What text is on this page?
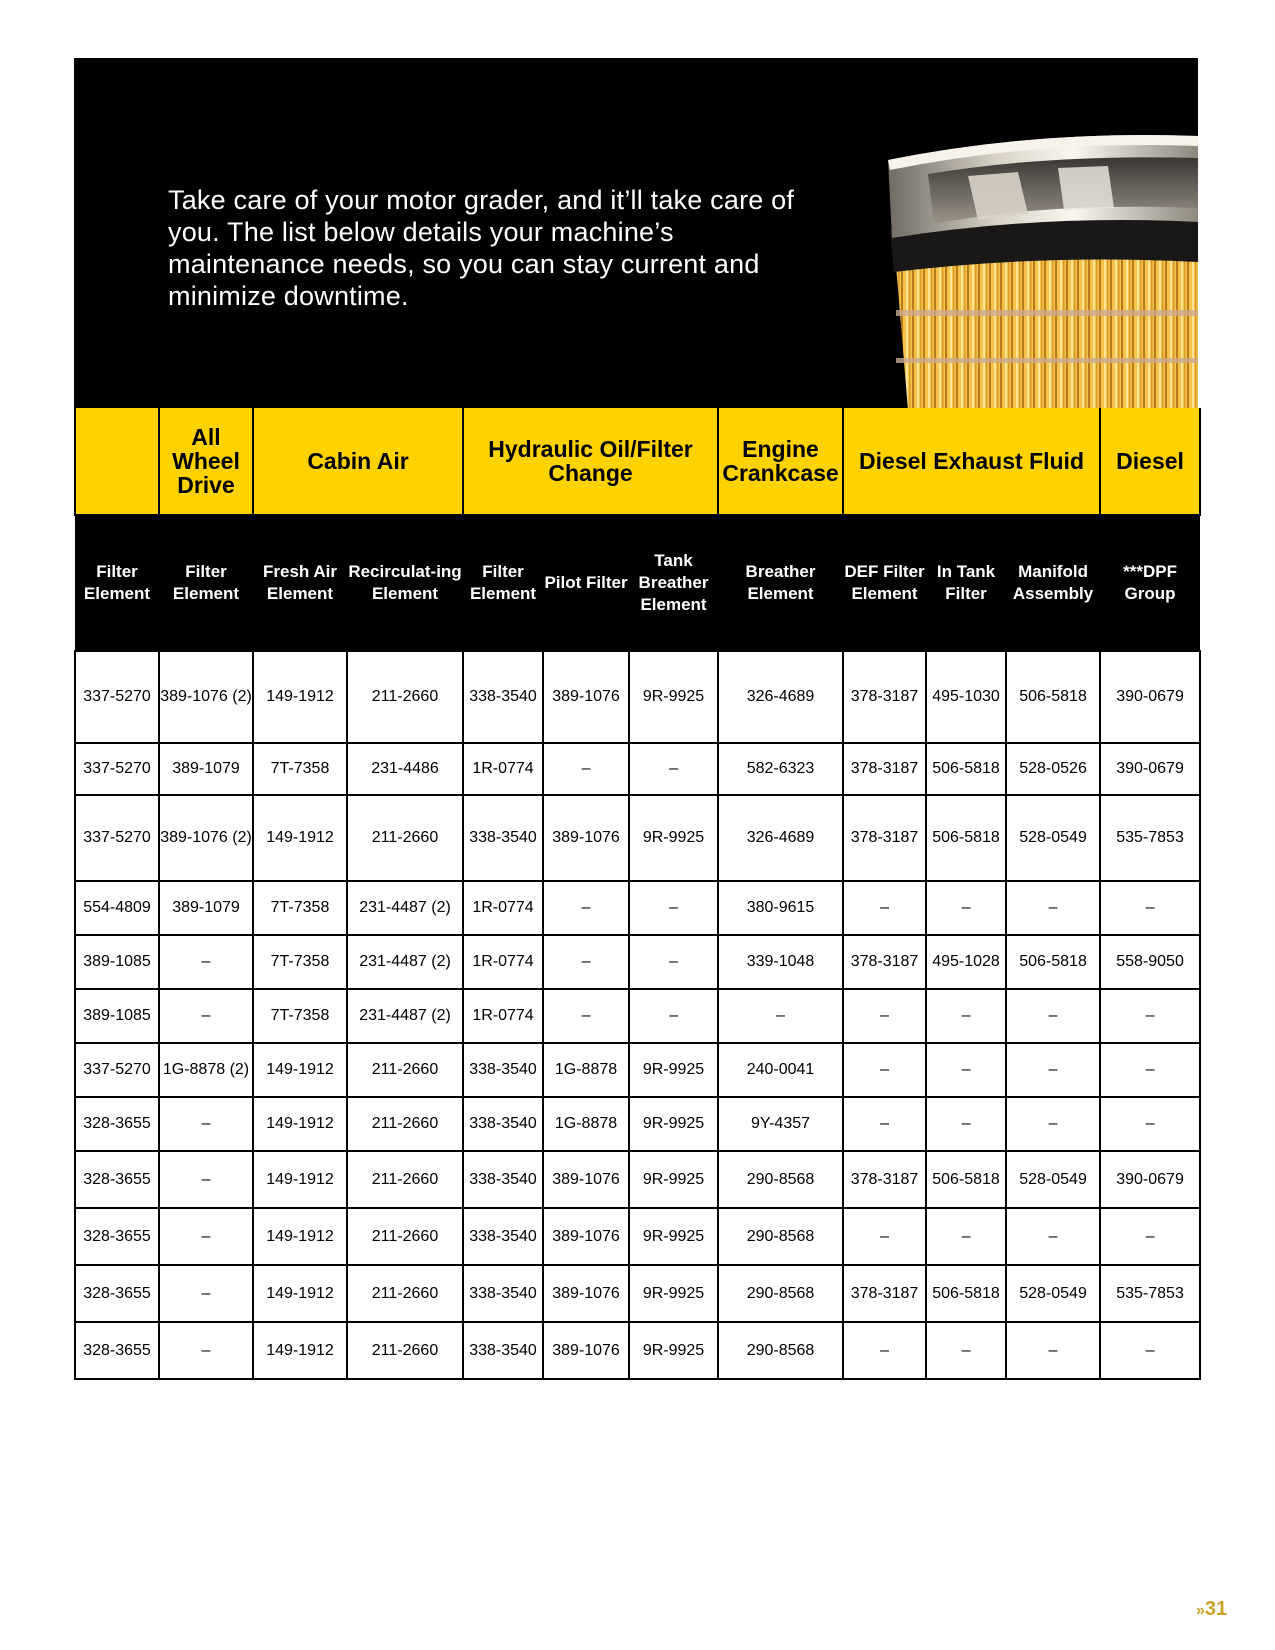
Take care of your motor grader, and it’ll take care of you. The list below details your machine’s maintenance needs, so you can stay current and minimize downtime.
	All Wheel Drive	Cabin Air		Hydraulic Oil/Filter Change			Engine Crankcase	Diesel Exhaust Fluid			Diesel
Filter Element	Filter Element	Fresh Air Element	Recirculat-ing Element	Filter Element	Pilot Filter	Tank Breather Element	Breather Element	DEF Filter Element	In Tank Filter	Manifold Assembly	***DPF Group
337-5270	389-1076 (2)	149-1912	211-2660	338-3540	389-1076	9R-9925	326-4689	378-3187	495-1030	506-5818	390-0679
337-5270	389-1079	7T-7358	231-4486	1R-0774	–	–	582-6323	378-3187	506-5818	528-0526	390-0679
337-5270	389-1076 (2)	149-1912	211-2660	338-3540	389-1076	9R-9925	326-4689	378-3187	506-5818	528-0549	535-7853
554-4809	389-1079	7T-7358	231-4487 (2)	1R-0774	–	–	380-9615	–	–	–	–
389-1085	–	7T-7358	231-4487 (2)	1R-0774	–	–	339-1048	378-3187	495-1028	506-5818	558-9050
389-1085	–	7T-7358	231-4487 (2)	1R-0774	–	–	–	–	–	–	–
337-5270	1G-8878 (2)	149-1912	211-2660	338-3540	1G-8878	9R-9925	240-0041	–	–	–	–
328-3655	–	149-1912	211-2660	338-3540	1G-8878	9R-9925	9Y-4357	–	–	–	–
328-3655	–	149-1912	211-2660	338-3540	389-1076	9R-9925	290-8568	378-3187	506-5818	528-0549	390-0679
328-3655	–	149-1912	211-2660	338-3540	389-1076	9R-9925	290-8568	–	–	–	–
328-3655	–	149-1912	211-2660	338-3540	389-1076	9R-9925	290-8568	378-3187	506-5818	528-0549	535-7853
328-3655	–	149-1912	211-2660	338-3540	389-1076	9R-9925	290-8568	–	–	–	–
»31
